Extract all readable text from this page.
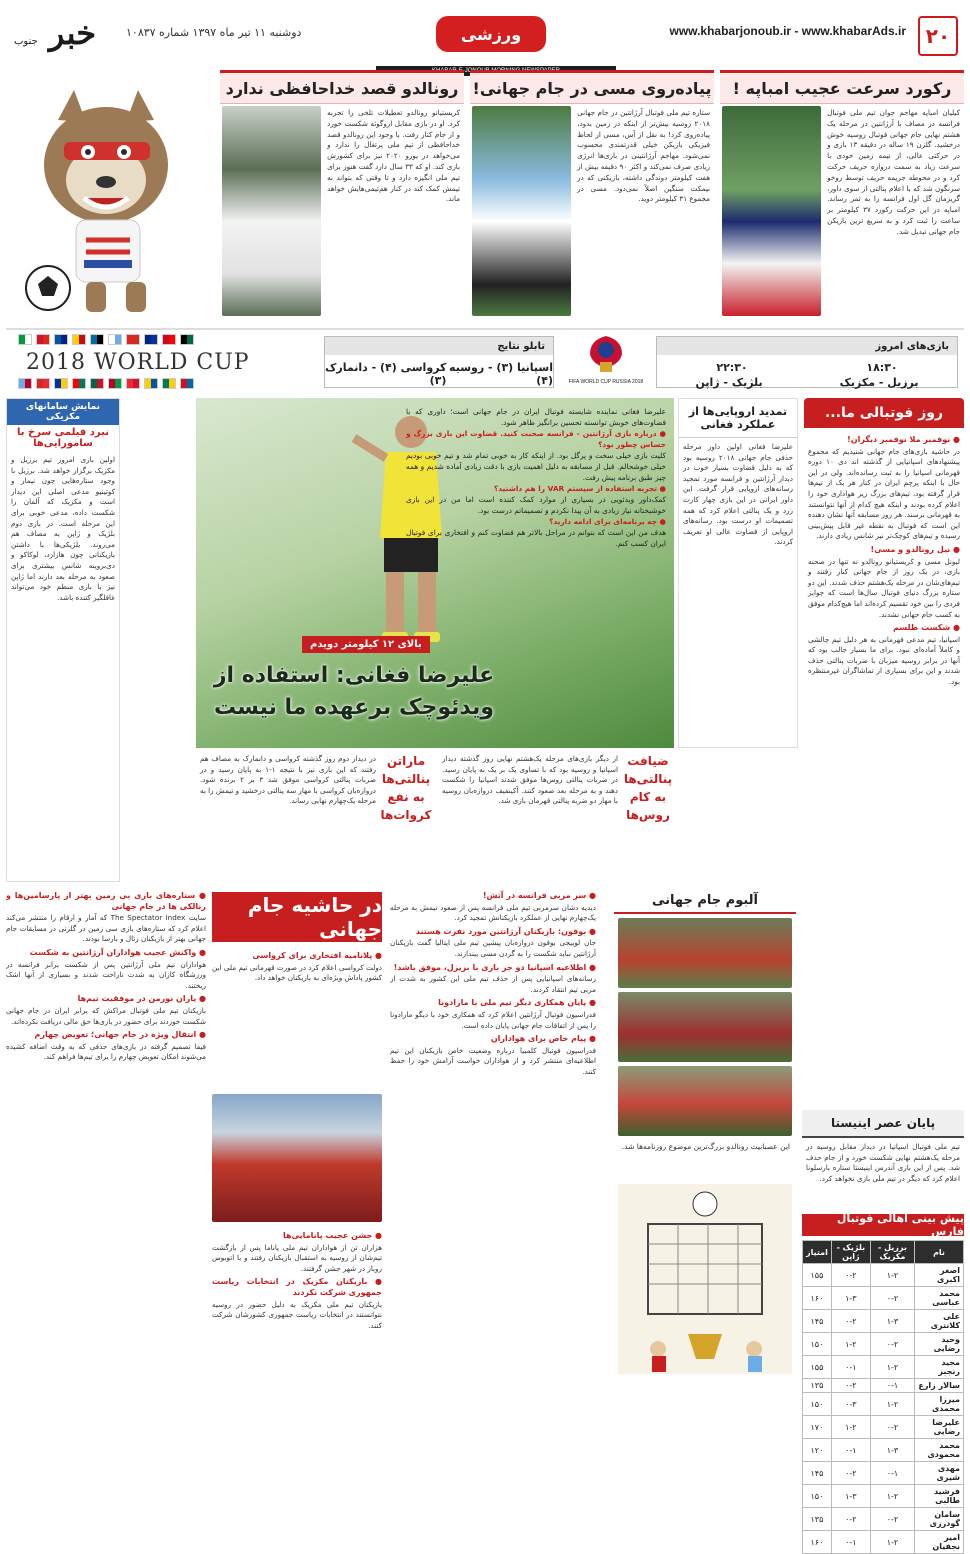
۲۰
www.khabarjonoub.ir - www.khabarAds.ir
ورزشی
دوشنبه ۱۱ تیر ماه ۱۳۹۷ شماره ۱۰۸۳۷
خبر جنوب
رکورد سرعت عجیب امباپه !
کیلیان امباپه مهاجم جوان تیم ملی فوتبال فرانسه در مصاف با آرژانتین در مرحله یک هشتم نهایی جام جهانی فوتبال روسیه خوش درخشید. گلزن ۱۹ ساله در دقیقه ۱۳ بازی و در حرکتی عالی، از نیمه زمین خودی با سرعت زیاد به سمت دروازه حریف حرکت کرد و در محوطه جریمه حریف توسط روخو سرنگون شد که با اعلام پنالتی از سوی داور، گریزمان گل اول فرانسه را به ثمر رساند. امباپه در این حرکت رکورد ۳۷ کیلومتر بر ساعت را ثبت کرد و به سریع ترین بازیکن جام جهانی تبدیل شد.
پیاده‌روی مسی در جام جهانی!
ستاره تیم ملی فوتبال آرژانتین در جام جهانی ۲۰۱۸ روسیه بیش‌تر از اینکه در زمین بدود، پیاده‌روی کرد! به نقل از آس، مسی از لحاظ فیزیکی بازیکن خیلی قدرتمندی محسوب نمی‌شود. مهاجم آرژانتینی در بازی‌ها انرژی زیادی صرف نمی‌کند و اکثر ۹۰ دقیقه بیش از هفت کیلومتر دوندگی داشته، بازیکنی که در نیمکت سنگین اصلاً نمی‌دود. مسی در مجموع ۳۱ کیلومتر دوید.
رونالدو قصد خداحافظی ندارد
کریستیانو رونالدو تعطیلات تلخی را تجربه کرد. او در بازی مقابل اروگوئه شکست خورد و از جام کنار رفت. با وجود این رونالدو قصد خداحافظی از تیم ملی پرتغال را ندارد و می‌خواهد در یورو ۲۰۲۰ نیز برای کشورش بازی کند. او که ۳۳ سال دارد گفت هنوز برای تیم ملی انگیزه دارد و تا وقتی که بتواند به تیمش کمک کند در کنار هم‌تیمی‌هایش خواهد ماند.
بازی‌های امروز
۱۸:۳۰
۲۲:۳۰
برزیل - مکزیک
بلژیک - ژاپن
FIFA WORLD CUP RUSSIA 2018
تابلو نتایج
اسپانیا (۳) - روسیه (۴)
کرواسی (۴) - دانمارک (۳)
2018 WORLD CUP
روز فوتبالی ما...
● نوفمبر ملا نوفمبر دیگران!
در حاشیه بازی‌های جام جهانی شنیدیم که مجموع پیشنهادهای اسپانیایی از گذشته اند دی ۱۰ دوره قهرمانی اسپانیا را به ثبت رسانده‌اند. ولی در این حال با اینکه پرچم ایران در کنار هر یک از تیم‌ها قرار گرفته بود، تیم‌های بزرگ زیر هواداری خود را اعلام کرده بودند و اینکه هیچ کدام از آنها نتوانستند به قهرمانی برسند. هر روز مسابقه آنها نشان دهنده این است که فوتبال به نقطه غیر قابل پیش‌بینی رسیده و تیم‌های کوچک‌تر نیز شانس زیادی دارند.
● نیل رونالدو و مسی!
لیونل مسی و کریستیانو رونالدو نه تنها در صحنه بازی، در یک روز از جام جهانی کنار رفتند و تیم‌های‌شان در مرحله یک‌هشتم حذف شدند. این دو ستاره بزرگ دنیای فوتبال سال‌ها است که جوایز فردی را بین خود تقسیم کرده‌اند اما هیچ‌کدام موفق به کسب جام جهانی نشدند.
● شکست طلسم
اسپانیا، تیم مدعی قهرمانی به هر دلیل تیم چالشی و کاملاً آماده‌ای نبود. برای ما بسیار جالب بود که آنها در برابر روسیه میزبان با ضربات پنالتی حذف شدند و این برای بسیاری از تماشاگران غیرمنتظره بود.
تمدید اروپایی‌ها از عملکرد فغانی
علیرضا فغانی اولین داور مرحله حذفی جام جهانی ۲۰۱۸ روسیه بود که به دلیل قضاوت بسیار خوب در دیدار آرژانتین و فرانسه مورد تمجید رسانه‌های اروپایی قرار گرفت. این داور ایرانی در این بازی چهار کارت زرد و یک پنالتی اعلام کرد که همه تصمیمات او درست بود. رسانه‌های اروپایی از قضاوت عالی او تعریف کردند.
علیرضا فغانی نماینده شایسته فوتبال ایران در جام جهانی است؛ داوری که با قضاوت‌های خوبش توانسته تحسین برانگیز ظاهر شود.
● درباره بازی آرژانتین - فرانسه صحبت کنید. قضاوت این بازی بزرگ و حساس چطور بود؟
کلیت بازی خیلی سخت و پرگل بود. از اینکه کار به خوبی تمام شد و تیم خوبی بودیم خیلی خوشحالم. قبل از مسابقه به دلیل اهمیت بازی با دقت زیادی آماده شدیم و همه چیز طبق برنامه پیش رفت.
● تجربه استفاده از سیستم VAR را هم داشتید؟
کمک‌داور ویدئویی در بسیاری از موارد کمک کننده است اما من در این بازی خوشبختانه نیاز زیادی به آن پیدا نکردم و تصمیماتم درست بود.
● چه برنامه‌ای برای ادامه دارید؟
هدف من این است که بتوانم در مراحل بالاتر هم قضاوت کنم و افتخاری برای فوتبال ایران کسب کنم.
بالای ۱۲ کیلومتر دویدم
علیرضا فغانی: استفاده از ویدئوچک برعهده ما نیست
نمایش سامانهای مکزیکی
نبرد فیلمی سرخ با سامورایی‌ها
اولین بازی امروز تیم برزیل و مکزیک برگزار خواهد شد. برزیل با وجود ستاره‌هایی چون نیمار و کوتینیو مدعی اصلی این دیدار است و مکزیک که آلمان را شکست داده، مدعی خوبی برای این مرحله است. در بازی دوم بلژیک و ژاپن به مصاف هم می‌روند. بلژیکی‌ها با داشتن بازیکنانی چون هازارد، لوکاکو و دی‌بروینه شانس بیشتری برای صعود به مرحله بعد دارند اما ژاپن نیز با بازی منظم خود می‌تواند غافلگیر کننده باشد.
ضیافت پنالتی‌ها به کام روس‌ها
از دیگر بازی‌های مرحله یک‌هشتم نهایی روز گذشته دیدار اسپانیا و روسیه بود که با تساوی یک بر یک به پایان رسید. در ضربات پنالتی روس‌ها موفق شدند اسپانیا را شکست دهند و به مرحله بعد صعود کنند. آکینفیف دروازه‌بان روسیه با مهار دو ضربه پنالتی قهرمان بازی شد.
ماراتن پنالتی‌ها به نفع کروات‌ها
در دیدار دوم روز گذشته کرواسی و دانمارک به مصاف هم رفتند که این بازی نیز با نتیجه ۱-۱ به پایان رسید و در ضربات پنالتی کرواسی موفق شد ۳ بر ۲ برنده شود. دروازه‌بان کرواسی با مهار سه پنالتی درخشید و تیمش را به مرحله یک‌چهارم نهایی رساند.
پایان عصر اینیستا
تیم ملی فوتبال اسپانیا در دیدار مقابل روسیه در مرحله یک‌هشتم نهایی شکست خورد و از جام حذف شد. پس از این بازی آندرس اینیستا ستاره بارسلونا اعلام کرد که دیگر در تیم ملی بازی نخواهد کرد.
پیش بینی اهالی فوتبال فارس
نام	برزیل - مکزیک	بلژیک - ژاپن	امتیاز
اصغر اکبری	۱-۲	۰-۲	۱۵۵
محمد عباسی	۰-۲	۱-۳	۱۶۰
علی کلانتری	۱-۳	۰-۲	۱۴۵
وحید رضایی	۰-۲	۱-۲	۱۵۰
مجید رنجبر	۱-۲	۰-۱	۱۵۵
سالار زارع	۰-۱	۰-۲	۱۳۵
میرزا محمدی	۱-۲	۰-۳	۱۵۰
علیرضا رضایی	۰-۲	۱-۲	۱۷۰
محمد محمودی	۱-۳	۰-۱	۱۲۰
مهدی شیری	۰-۱	۰-۲	۱۴۵
فرشید طالبی	۱-۲	۱-۳	۱۵۰
سامان گودرزی	۰-۲	۰-۲	۱۳۵
امیر نجفیان	۱-۲	۰-۱	۱۶۰
آلبوم جام جهانی
این عصبانیت رونالدو بزرگ‌ترین موضوع روزنامه‌ها شد.
● سر مربی فرانسه در آتش!
دیدیه دشان سرمربی تیم ملی فرانسه پس از صعود تیمش به مرحله یک‌چهارم نهایی از عملکرد بازیکنانش تمجید کرد.
● بوفون: بازیکنان آرژانتین مورد نفرت هستند
جان لوییجی بوفون دروازه‌بان پیشین تیم ملی ایتالیا گفت بازیکنان آرژانتین نباید شکست را به گردن مسی بیندازند.
● اطلاعیه اسپانیا دو جز بازی با بریزل، موفق باشد!
رسانه‌های اسپانیایی پس از حذف تیم ملی این کشور به شدت از مربی تیم انتقاد کردند.
● پایان همکاری دیگر تیم ملی با مارادونا
فدراسیون فوتبال آرژانتین اعلام کرد که همکاری خود با دیگو مارادونا را پس از اتفاقات جام جهانی پایان داده است.
● پیام خاص برای هواداران
فدراسیون فوتبال کلمبیا درباره وضعیت خاص بازیکنان این تیم اطلاعیه‌ای منتشر کرد و از هواداران خواست آرامش خود را حفظ کنند.
در حاشیه جام جهانی
● پلانامیه افتخاری برای کرواسی
دولت کرواسی اعلام کرد در صورت قهرمانی تیم ملی این کشور پاداش ویژه‌ای به بازیکنان خواهد داد.
● جشن عجیب پانامایی‌ها
هزاران تن از هواداران تیم ملی پاناما پس از بازگشت تیم‌شان از روسیه به استقبال بازیکنان رفتند و با اتوبوس روباز در شهر جشن گرفتند.
● بازیکنان مکزیک در انتخابات ریاست جمهوری شرکت نکردند
بازیکنان تیم ملی مکزیک به دلیل حضور در روسیه نتوانستند در انتخابات ریاست جمهوری کشورشان شرکت کنند.
● ستاره‌های بازی بی زمین بهتر از پارسامین‌ها و رنالکی ها در جام جهانی
سایت The Spectator Index که آمار و ارقام را منتشر می‌کند اعلام کرد که ستاره‌های بازی سی زمین در گلزنی در مسابقات جام جهانی بهتر از بازیکنان رئال و بارسا بودند.
● واکنش عجیب هواداران آرژانتین به شکست
هواداران تیم ملی آرژانتین پس از شکست برابر فرانسه در ورزشگاه کازان به شدت ناراحت شدند و بسیاری از آنها اشک ریختند.
● یاران نورمن در موفقیت تیم‌ها
بازیکنان تیم ملی فوتبال مراکش که برابر ایران در جام جهانی شکست خوردند برای حضور در بازی‌ها حق مالی دریافت نکرده‌اند.
● انتقال ویژه در جام جهانی؛ تعویض چهارم
فیفا تصمیم گرفته در بازی‌های حذفی که به وقت اضافه کشیده می‌شوند امکان تعویض چهارم را برای تیم‌ها فراهم کند.
